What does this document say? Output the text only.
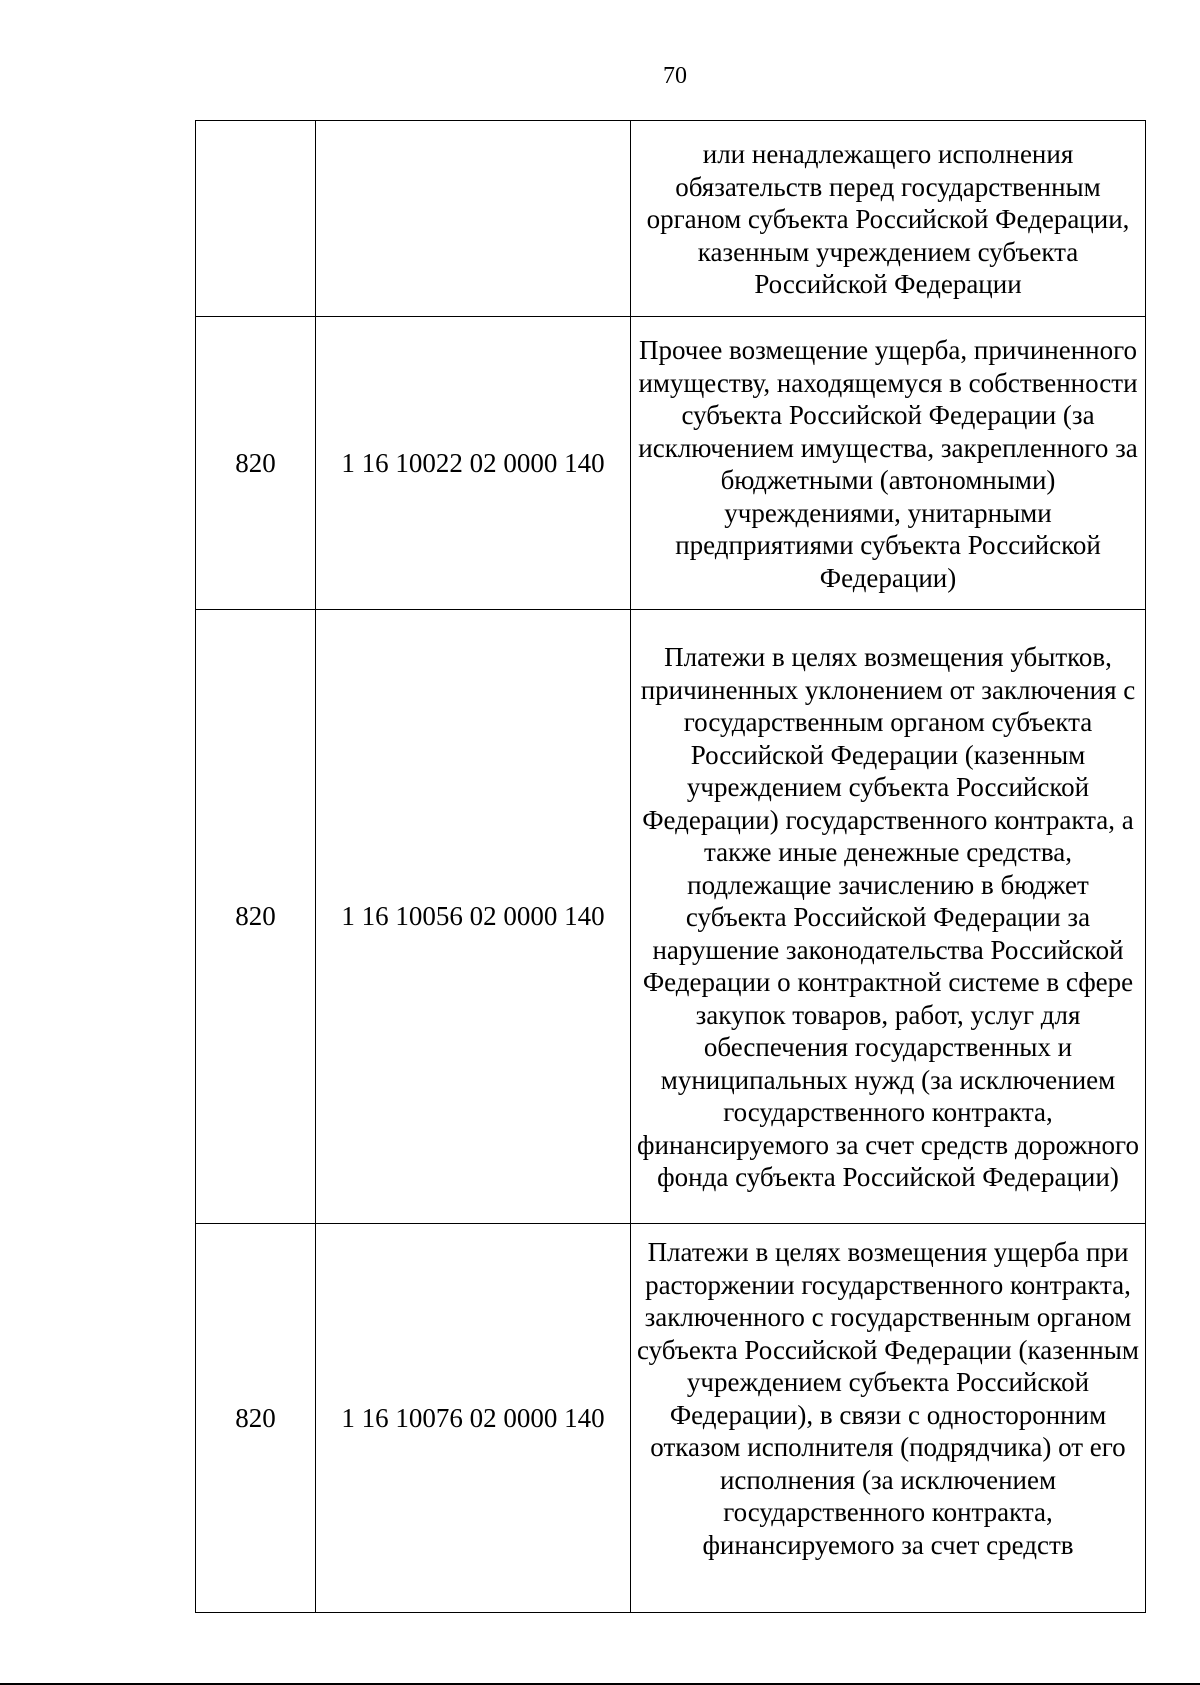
70
		или ненадлежащего исполнения обязательств перед государственным органом субъекта Российской Федерации, казенным учреждением субъекта Российской Федерации
820	1 16 10022 02 0000 140	Прочее возмещение ущерба, причиненного имуществу, находящемуся в собственности субъекта Российской Федерации (за исключением имущества, закрепленного за бюджетными (автономными) учреждениями, унитарными предприятиями субъекта Российской Федерации)
820	1 16 10056 02 0000 140	Платежи в целях возмещения убытков, причиненных уклонением от заключения с государственным органом субъекта Российской Федерации (казенным учреждением субъекта Российской Федерации) государственного контракта, а также иные денежные средства, подлежащие зачислению в бюджет субъекта Российской Федерации за нарушение законодательства Российской Федерации о контрактной системе в сфере закупок товаров, работ, услуг для обеспечения государственных и муниципальных нужд (за исключением государственного контракта, финансируемого за счет средств дорожного фонда субъекта Российской Федерации)
820	1 16 10076 02 0000 140	Платежи в целях возмещения ущерба при расторжении государственного контракта, заключенного с государственным органом субъекта Российской Федерации (казенным учреждением субъекта Российской Федерации), в связи с односторонним отказом исполнителя (подрядчика) от его исполнения (за исключением государственного контракта, финансируемого за счет средств
